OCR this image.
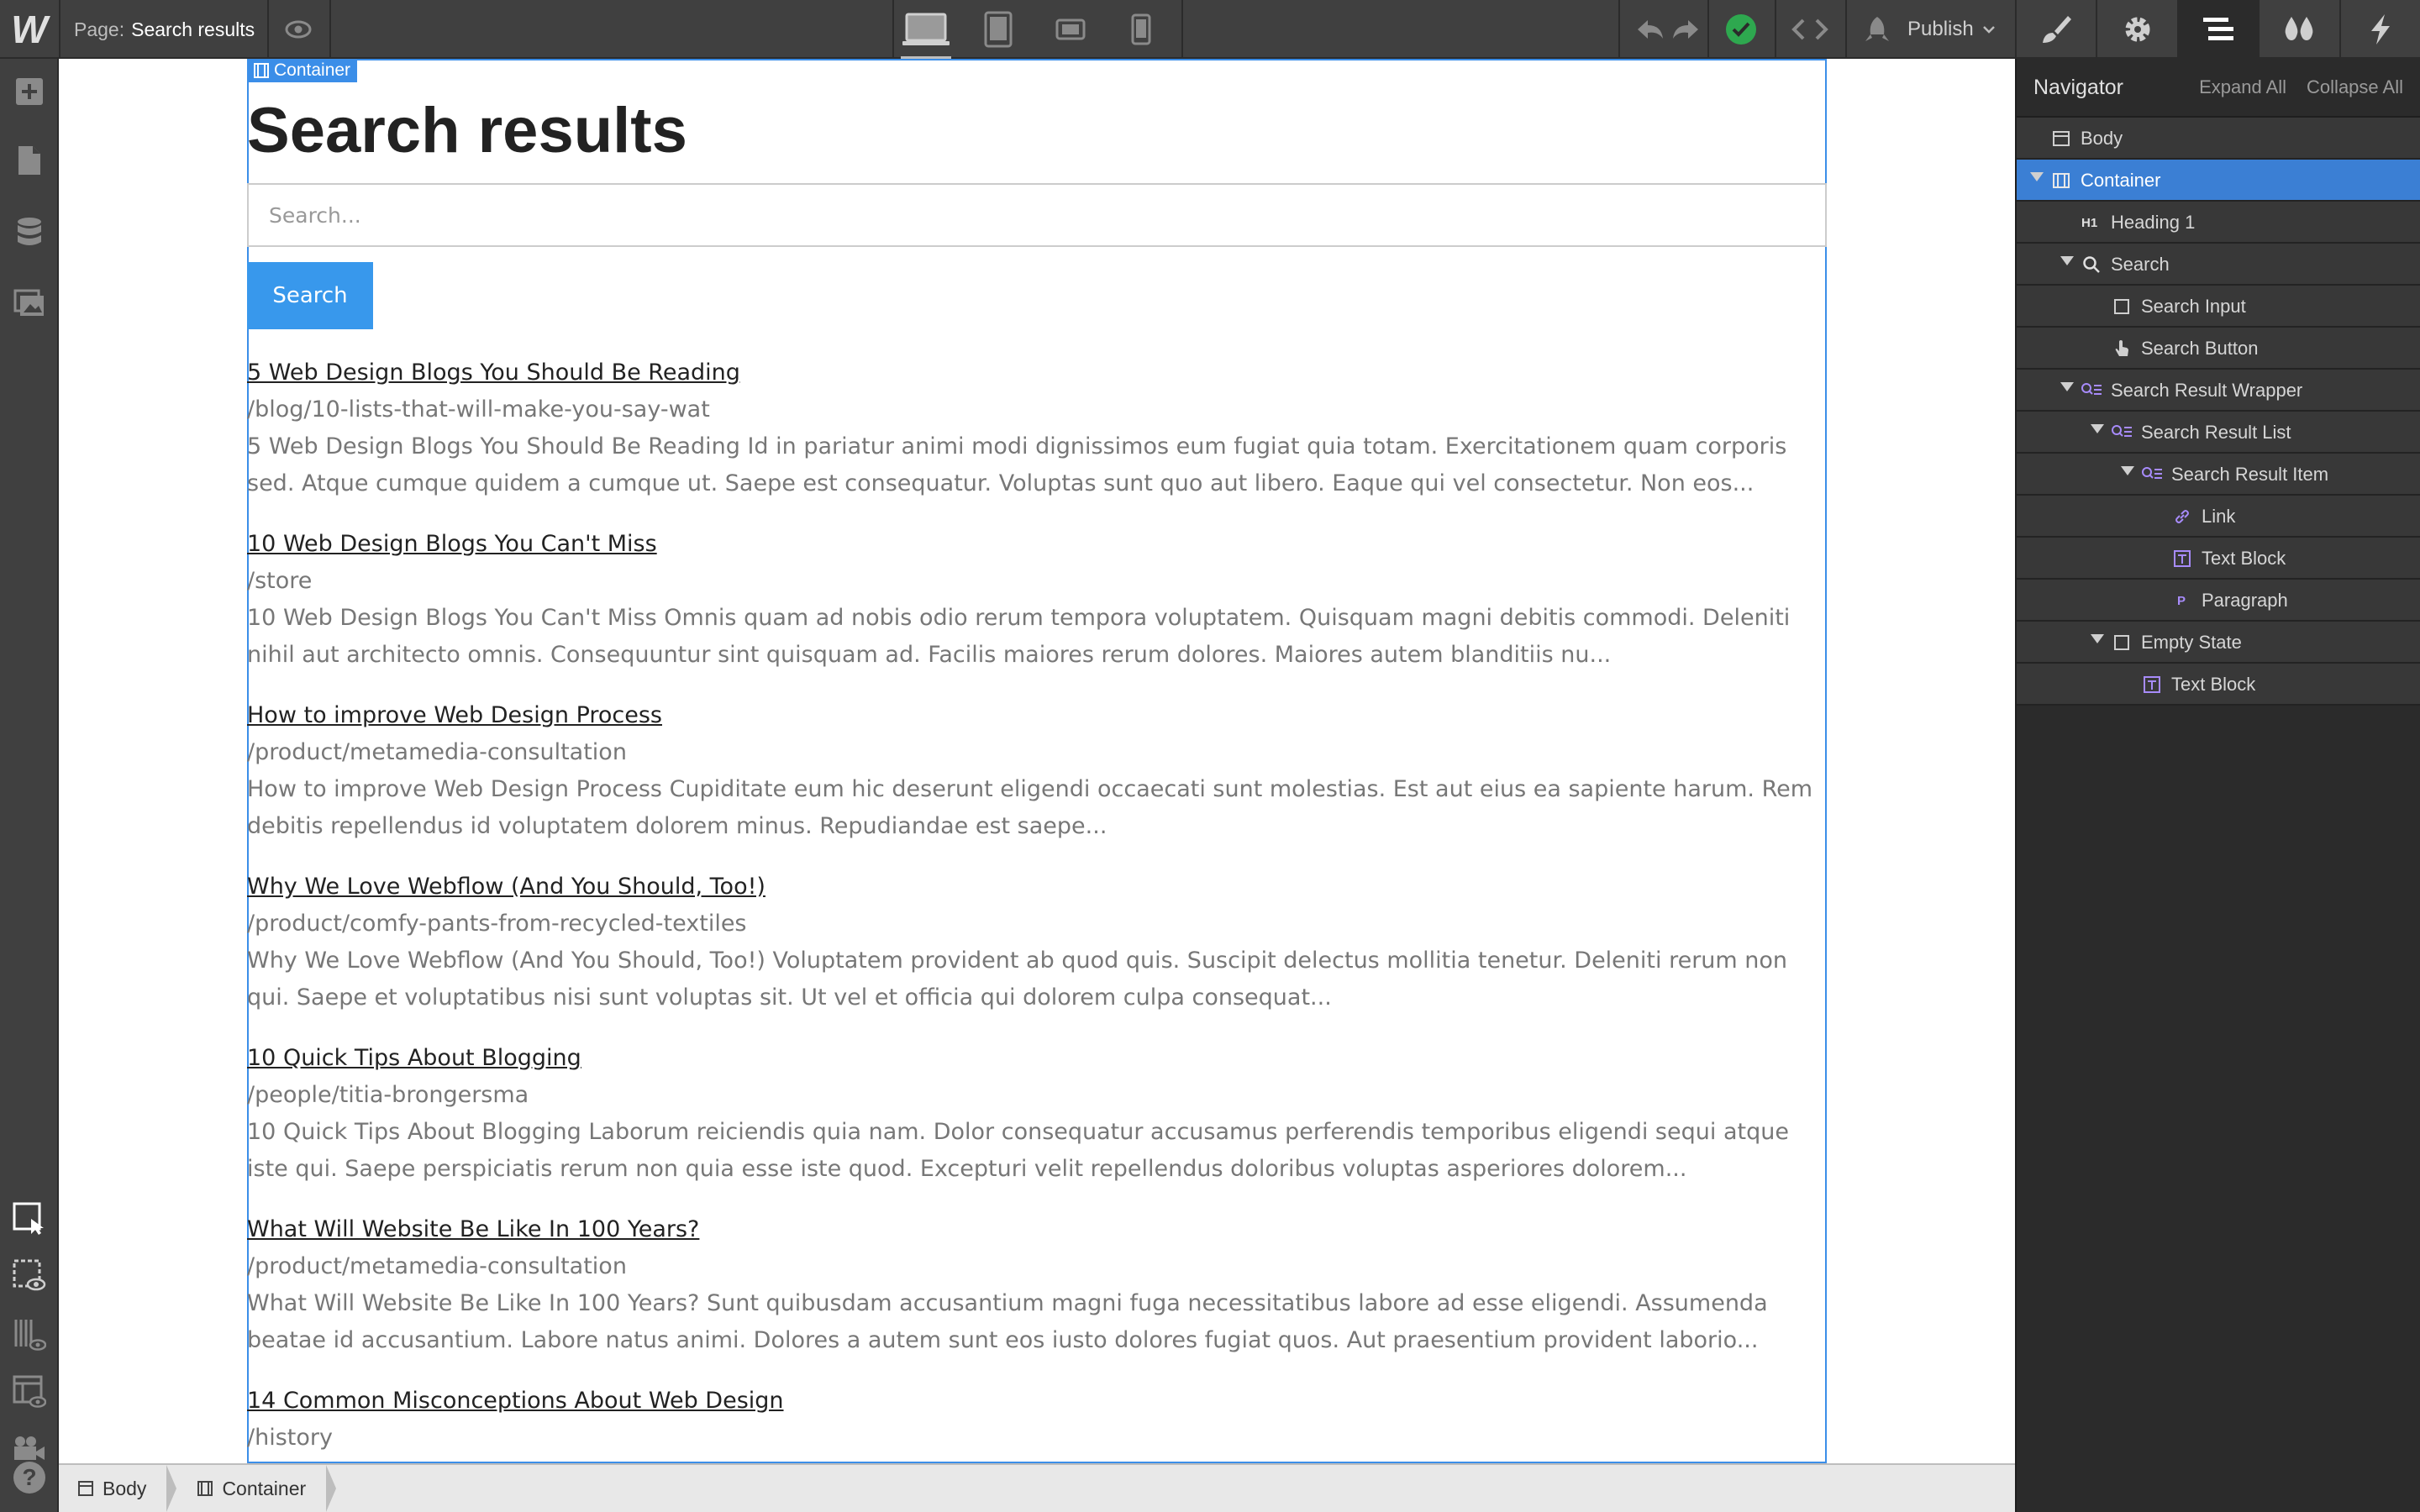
W	Page: Search results	Publish
?
Container
Search results
Search...
Search
5 Web Design Blogs You Should Be Reading
/blog/10-lists-that-will-make-you-say-wat
5 Web Design Blogs You Should Be Reading Id in pariatur animi modi dignissimos eum fugiat quia totam. Exercitationem quam corporis sed. Atque cumque quidem a cumque ut. Saepe est consequatur. Voluptas sunt quo aut libero. Eaque qui vel consectetur. Non eos...
10 Web Design Blogs You Can't Miss
/store
10 Web Design Blogs You Can't Miss Omnis quam ad nobis odio rerum tempora voluptatem. Quisquam magni debitis commodi. Deleniti nihil aut architecto omnis. Consequuntur sint quisquam ad. Facilis maiores rerum dolores. Maiores autem blanditiis nu...
How to improve Web Design Process
/product/metamedia-consultation
How to improve Web Design Process Cupiditate eum hic deserunt eligendi occaecati sunt molestias. Est aut eius ea sapiente harum. Rem debitis repellendus id voluptatem dolorem minus. Repudiandae est saepe...
Why We Love Webflow (And You Should, Too!)
/product/comfy-pants-from-recycled-textiles
Why We Love Webflow (And You Should, Too!) Voluptatem provident ab quod quis. Suscipit delectus mollitia tenetur. Deleniti rerum non qui. Saepe et voluptatibus nisi sunt voluptas sit. Ut vel et officia qui dolorem culpa consequat...
10 Quick Tips About Blogging
/people/titia-brongersma
10 Quick Tips About Blogging Laborum reiciendis quia nam. Dolor consequatur accusamus perferendis temporibus eligendi sequi atque iste qui. Saepe perspiciatis rerum non quia esse iste quod. Excepturi velit repellendus doloribus voluptas asperiores dolorem...
What Will Website Be Like In 100 Years?
/product/metamedia-consultation
What Will Website Be Like In 100 Years? Sunt quibusdam accusantium magni fuga necessitatibus labore ad esse eligendi. Assumenda beatae id accusantium. Labore natus animi. Dolores a autem sunt eos iusto dolores fugiat quos. Aut praesentium provident laborio...
14 Common Misconceptions About Web Design
/history
Body	Container
Navigator	Expand All Collapse All
Body
Container
H1 Heading 1
Search
Search Input
Search Button
Search Result Wrapper
Search Result List
Search Result Item
Link
Text Block
P Paragraph
Empty State
Text Block
